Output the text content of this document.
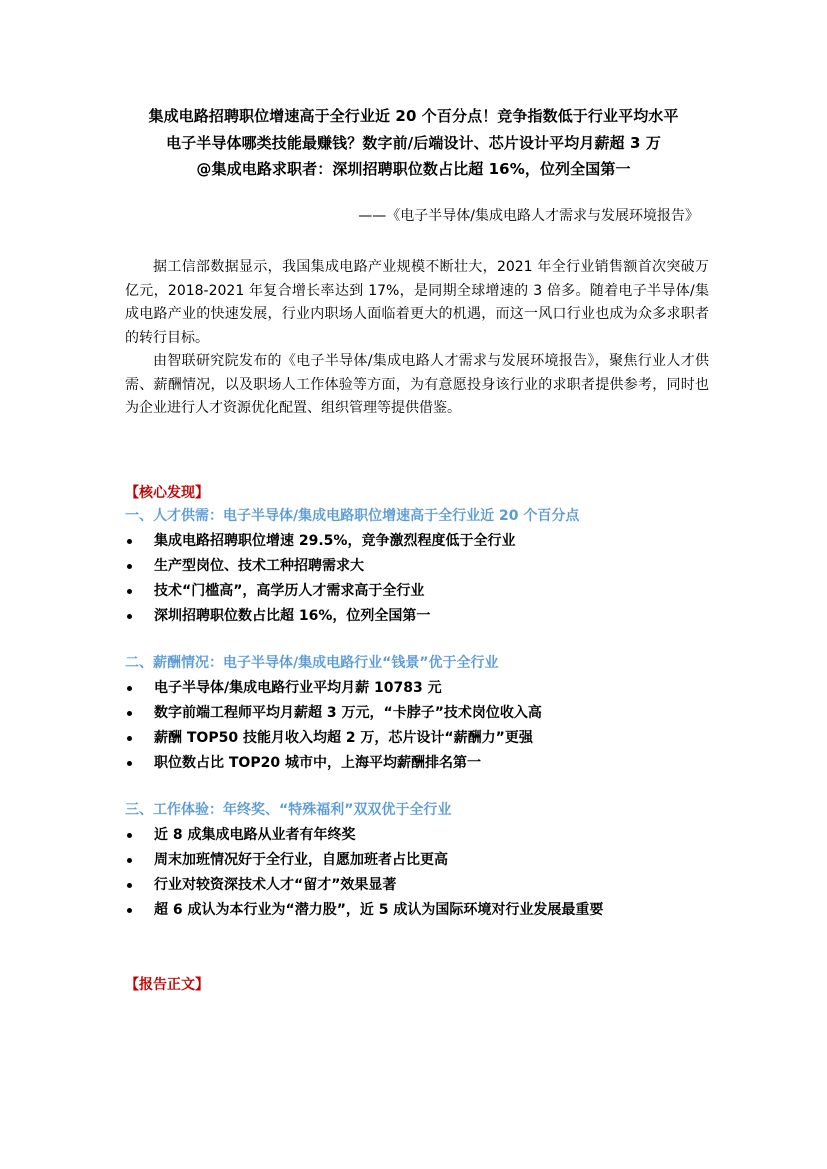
集成电路招聘职位增速高于全行业近 20 个百分点！竞争指数低于行业平均水平
电子半导体哪类技能最赚钱？数字前/后端设计、芯片设计平均月薪超 3 万
@集成电路求职者：深圳招聘职位数占比超 16%，位列全国第一
——《电子半导体/集成电路人才需求与发展环境报告》

据工信部数据显示，我国集成电路产业规模不断壮大，2021 年全行业销售额首次突破万亿元，2018-2021 年复合增长率达到 17%，是同期全球增速的 3 倍多。随着电子半导体/集成电路产业的快速发展，行业内职场人面临着更大的机遇，而这一风口行业也成为众多求职者的转行目标。

由智联研究院发布的《电子半导体/集成电路人才需求与发展环境报告》，聚焦行业人才供需、薪酬情况，以及职场人工作体验等方面，为有意愿投身该行业的求职者提供参考，同时也为企业进行人才资源优化配置、组织管理等提供借鉴。

【核心发现】
一、人才供需：电子半导体/集成电路职位增速高于全行业近 20 个百分点
集成电路招聘职位增速 29.5%，竞争激烈程度低于全行业
生产型岗位、技术工种招聘需求大
技术“门槛高”，高学历人才需求高于全行业
深圳招聘职位数占比超 16%，位列全国第一
二、薪酬情况：电子半导体/集成电路行业“钱景”优于全行业
电子半导体/集成电路行业平均月薪 10783 元
数字前端工程师平均月薪超 3 万元，“卡脖子”技术岗位收入高
薪酬 TOP50 技能月收入均超 2 万，芯片设计“薪酬力”更强
职位数占比 TOP20 城市中，上海平均薪酬排名第一
三、工作体验：年终奖、“特殊福利”双双优于全行业
近 8 成集成电路从业者有年终奖
周末加班情况好于全行业，自愿加班者占比更高
行业对较资深技术人才“留才”效果显著
超 6 成认为本行业为“潜力股”，近 5 成认为国际环境对行业发展最重要
【报告正文】
